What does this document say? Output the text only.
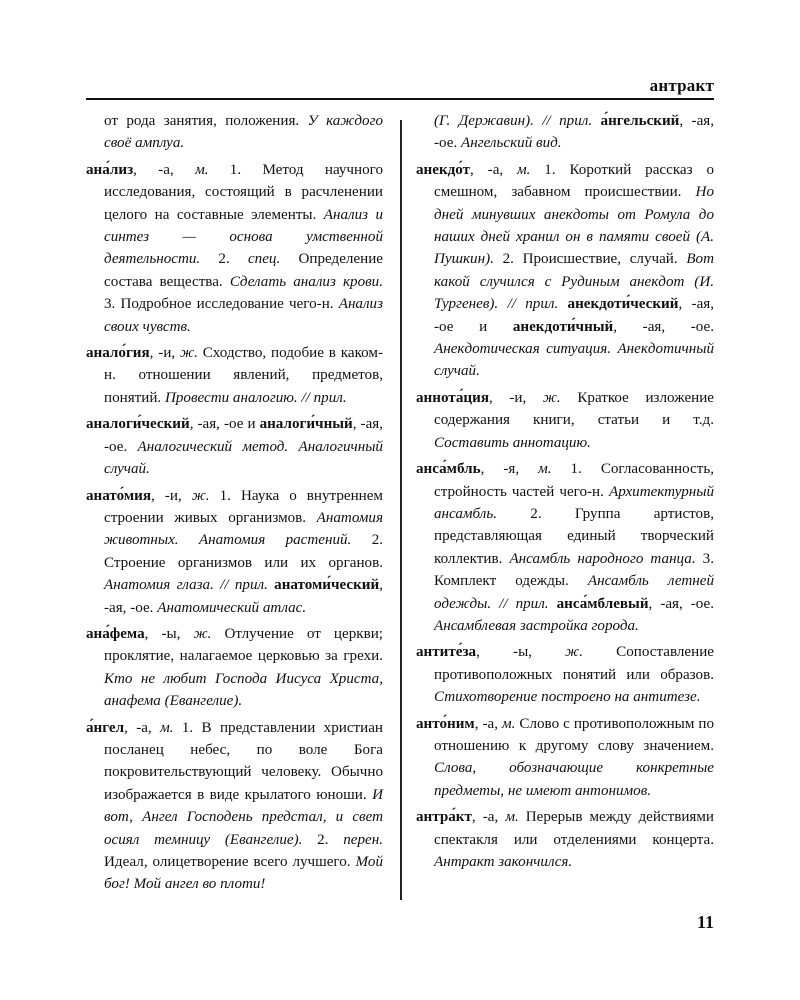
антракт

от рода занятия, положения. У каждого своё амплуа.

ана́лиз, -а, м. 1. Метод научного исследования, состоящий в расчленении целого на составные элементы. Анализ и синтез — основа умственной деятельности. 2. спец. Определение состава вещества. Сделать анализ крови. 3. Подробное исследование чего-н. Анализ своих чувств.

анало́гия, -и, ж. Сходство, подобие в каком-н. отношении явлений, предметов, понятий. Провести аналогию. // прил.

аналоги́ческий, -ая, -ое и аналоги́чный, -ая, -ое. Аналогический метод. Аналогичный случай.

анато́мия, -и, ж. 1. Наука о внутреннем строении живых организмов. Анатомия животных. Анатомия растений. 2. Строение организмов или их органов. Анатомия глаза. // прил. анатоми́ческий, -ая, -ое. Анатомический атлас.

ана́фема, -ы, ж. Отлучение от церкви; проклятие, налагаемое церковью за грехи. Кто не любит Господа Иисуса Христа, анафема (Евангелие).

а́нгел, -а, м. 1. В представлении христиан посланец небес, по воле Бога покровительствующий человеку. Обычно изображается в виде крылатого юноши. И вот, Ангел Господень предстал, и свет осиял темницу (Евангелие). 2. перен. Идеал, олицетворение всего лучшего. Мой бог! Мой ангел во плоти!

(Г. Державин). // прил. а́нгельский, -ая, -ое. Ангельский вид.

анекдо́т, -а, м. 1. Короткий рассказ о смешном, забавном происшествии. Но дней минувших анекдоты от Ромула до наших дней хранил он в памяти своей (А. Пушкин). 2. Происшествие, случай. Вот какой случился с Рудиным анекдот (И. Тургенев). // прил. анекдоти́ческий, -ая, -ое и анекдоти́чный, -ая, -ое. Анекдотическая ситуация. Анекдотичный случай.

аннота́ция, -и, ж. Краткое изложение содержания книги, статьи и т.д. Составить аннотацию.

анса́мбль, -я, м. 1. Согласованность, стройность частей чего-н. Архитектурный ансамбль. 2. Группа артистов, представляющая единый творческий коллектив. Ансамбль народного танца. 3. Комплект одежды. Ансамбль летней одежды. // прил. анса́мблевый, -ая, -ое. Ансамблевая застройка города.

антите́за, -ы, ж. Сопоставление противоположных понятий или образов. Стихотворение построено на антитезе.

анто́ним, -а, м. Слово с противоположным по отношению к другому слову значением. Слова, обозначающие конкретные предметы, не имеют антонимов.

антра́кт, -а, м. Перерыв между действиями спектакля или отделениями концерта. Антракт закончился.

11
